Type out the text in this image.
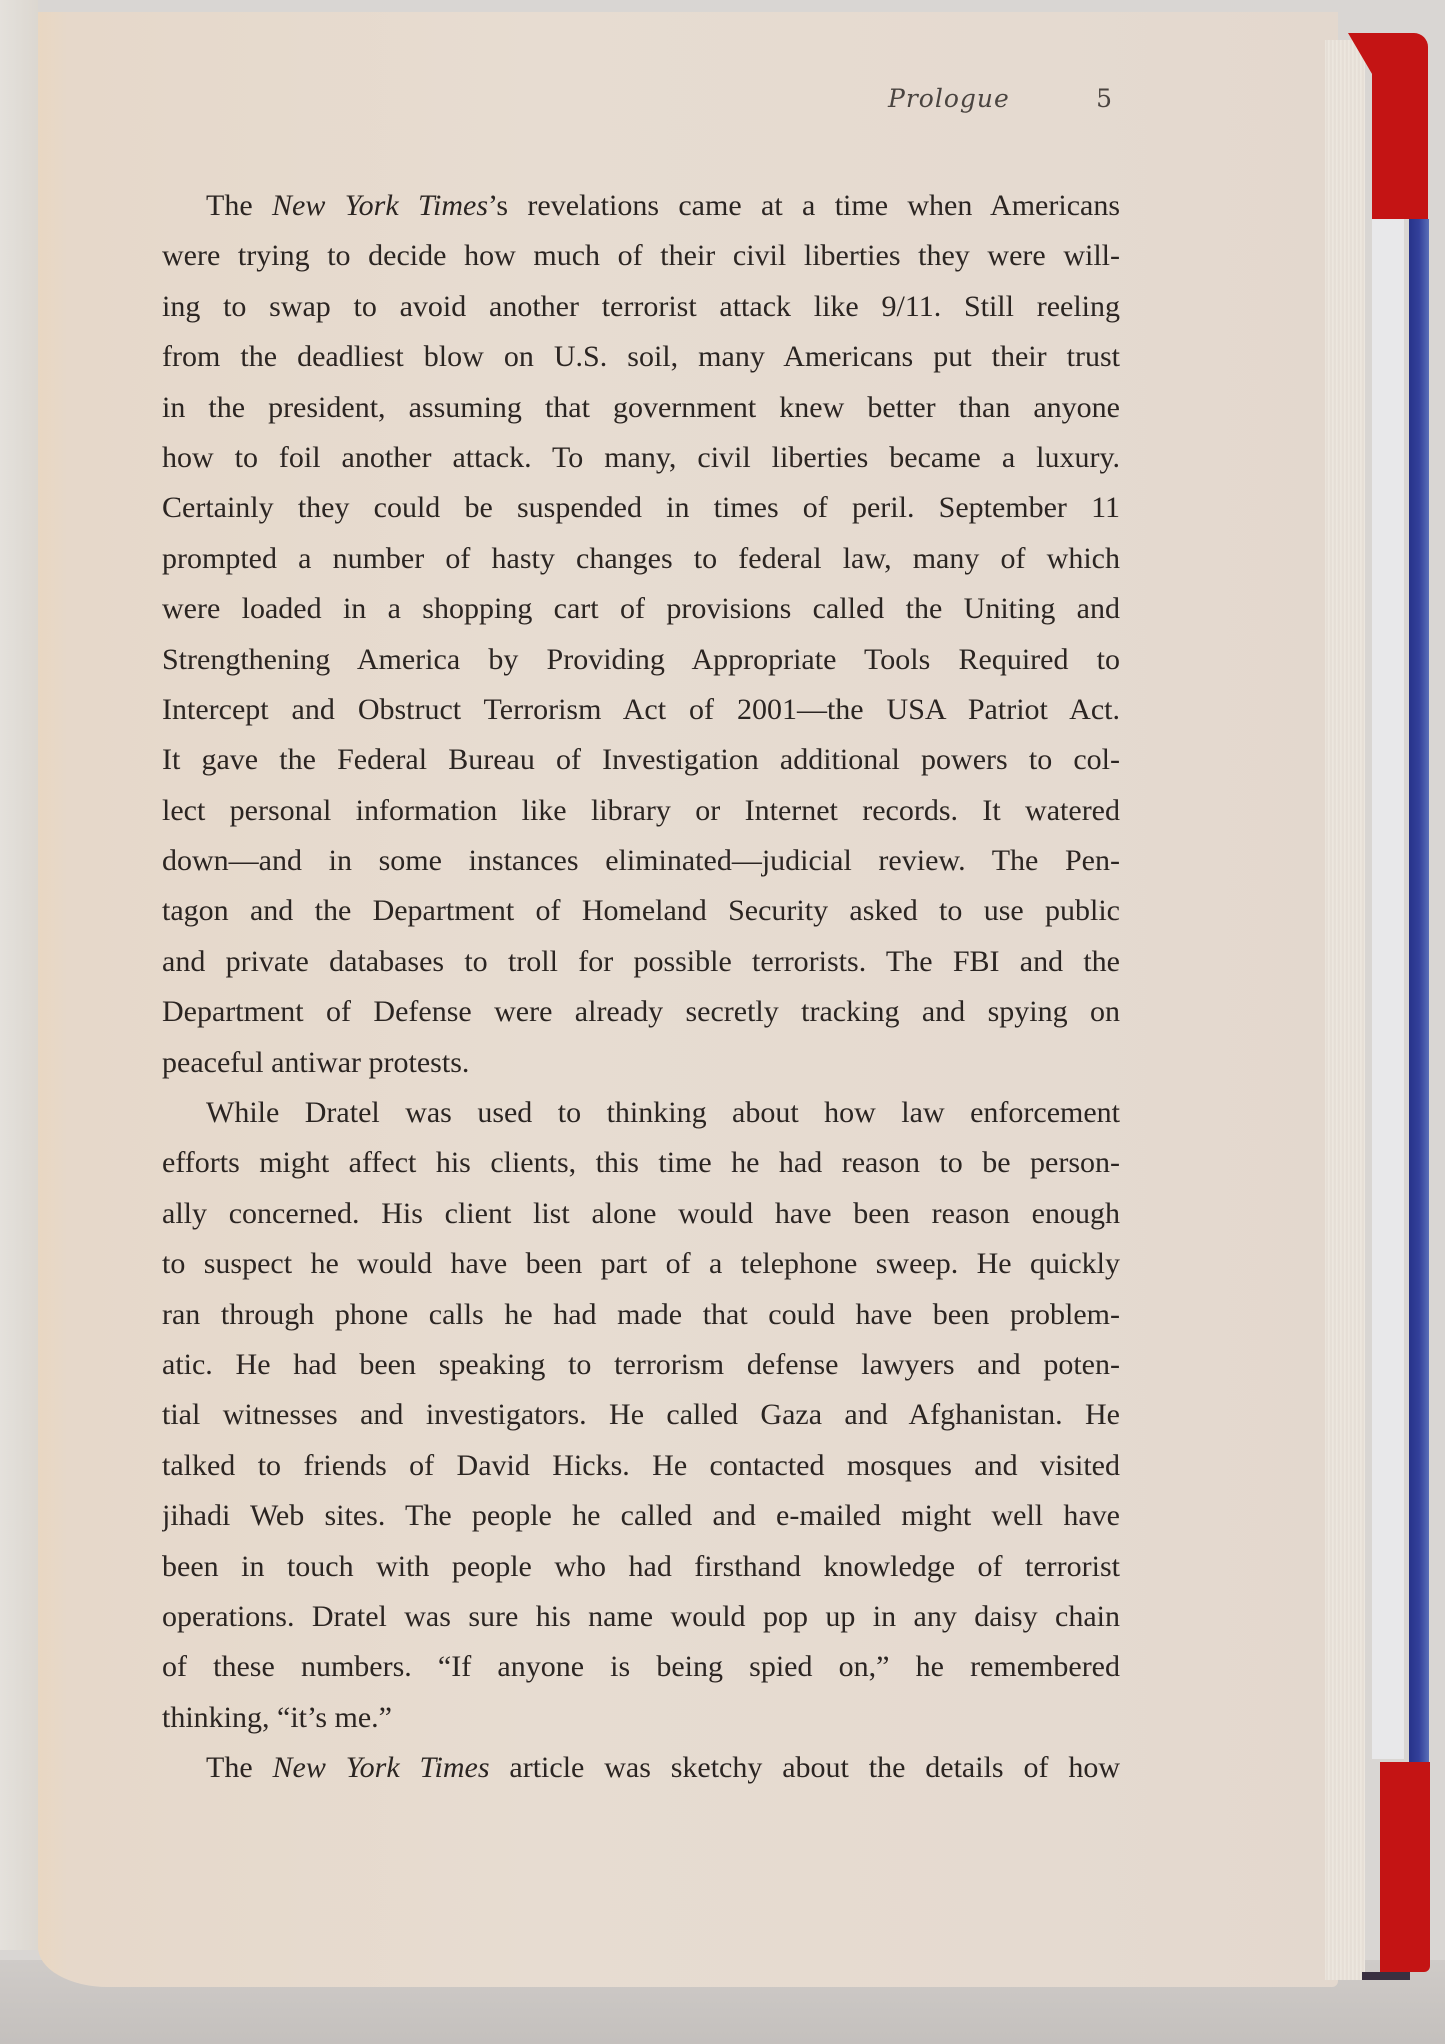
Prologue	5
The New York Times’s revelations came at a time when Americans
were trying to decide how much of their civil liberties they were will-
ing to swap to avoid another terrorist attack like 9/11. Still reeling
from the deadliest blow on U.S. soil, many Americans put their trust
in the president, assuming that government knew better than anyone
how to foil another attack. To many, civil liberties became a luxury.
Certainly they could be suspended in times of peril. September 11
prompted a number of hasty changes to federal law, many of which
were loaded in a shopping cart of provisions called the Uniting and
Strengthening America by Providing Appropriate Tools Required to
Intercept and Obstruct Terrorism Act of 2001—the USA Patriot Act.
It gave the Federal Bureau of Investigation additional powers to col-
lect personal information like library or Internet records. It watered
down—and in some instances eliminated—judicial review. The Pen-
tagon and the Department of Homeland Security asked to use public
and private databases to troll for possible terrorists. The FBI and the
Department of Defense were already secretly tracking and spying on
peaceful antiwar protests.
While Dratel was used to thinking about how law enforcement
efforts might affect his clients, this time he had reason to be person-
ally concerned. His client list alone would have been reason enough
to suspect he would have been part of a telephone sweep. He quickly
ran through phone calls he had made that could have been problem-
atic. He had been speaking to terrorism defense lawyers and poten-
tial witnesses and investigators. He called Gaza and Afghanistan. He
talked to friends of David Hicks. He contacted mosques and visited
jihadi Web sites. The people he called and e-mailed might well have
been in touch with people who had firsthand knowledge of terrorist
operations. Dratel was sure his name would pop up in any daisy chain
of these numbers. “If anyone is being spied on,” he remembered
thinking, “it’s me.”
The New York Times article was sketchy about the details of how
